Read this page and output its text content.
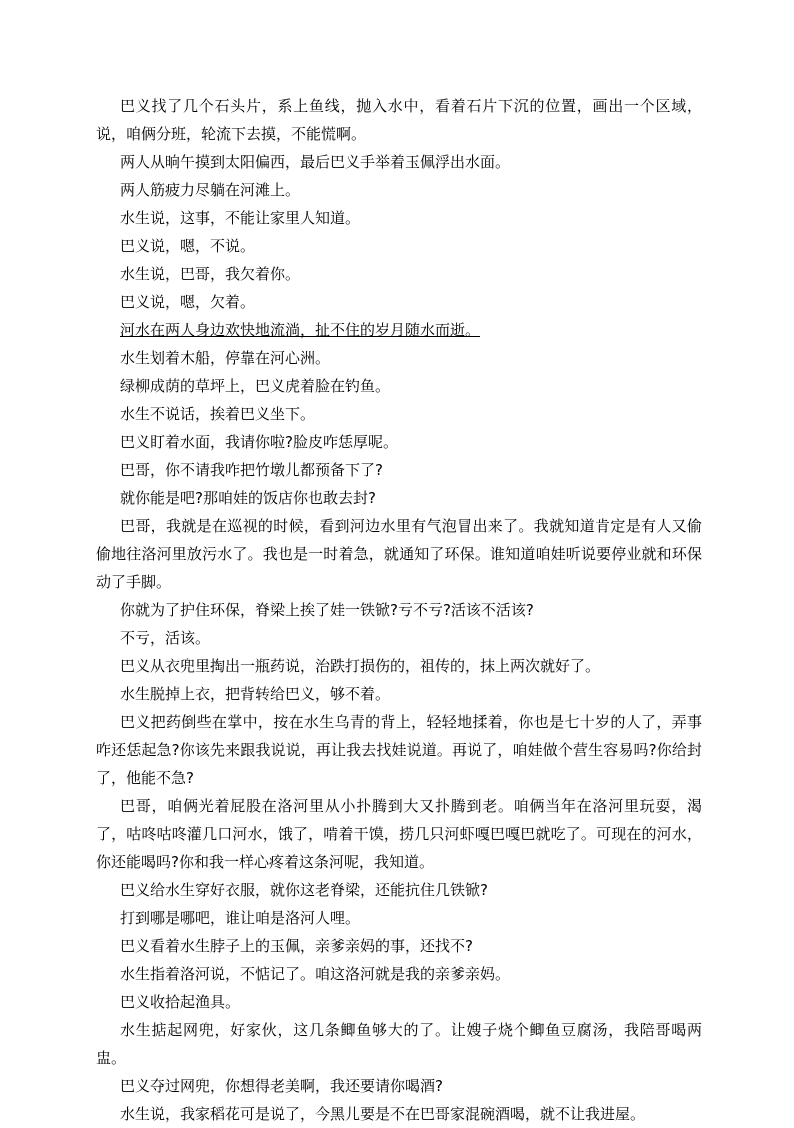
巴义找了几个石头片，系上鱼线，抛入水中，看着石片下沉的位置，画出一个区域，说，咱俩分班，轮流下去摸，不能慌啊。

两人从晌午摸到太阳偏西，最后巴义手举着玉佩浮出水面。

两人筋疲力尽躺在河滩上。

水生说，这事，不能让家里人知道。

巴义说，嗯，不说。

水生说，巴哥，我欠着你。

巴义说，嗯，欠着。

河水在两人身边欢快地流淌，扯不住的岁月随水而逝。

水生划着木船，停靠在河心洲。

绿柳成荫的草坪上，巴义虎着脸在钓鱼。

水生不说话，挨着巴义坐下。

巴义盯着水面，我请你啦?脸皮咋恁厚呢。

巴哥，你不请我咋把竹墩儿都预备下了?

就你能是吧?那咱娃的饭店你也敢去封?

巴哥，我就是在巡视的时候，看到河边水里有气泡冒出来了。我就知道肯定是有人又偷偷地往洛河里放污水了。我也是一时着急，就通知了环保。谁知道咱娃听说要停业就和环保动了手脚。

你就为了护住环保，脊梁上挨了娃一铁锨?亏不亏?活该不活该?

不亏，活该。

巴义从衣兜里掏出一瓶药说，治跌打损伤的，祖传的，抹上两次就好了。

水生脱掉上衣，把背转给巴义，够不着。

巴义把药倒些在掌中，按在水生乌青的背上，轻轻地揉着，你也是七十岁的人了，弄事咋还恁起急?你该先来跟我说说，再让我去找娃说道。再说了，咱娃做个营生容易吗?你给封了，他能不急?

巴哥，咱俩光着屁股在洛河里从小扑腾到大又扑腾到老。咱俩当年在洛河里玩耍，渴了，咕咚咕咚灌几口河水，饿了，啃着干馍，捞几只河虾嘎巴嘎巴就吃了。可现在的河水，你还能喝吗?你和我一样心疼着这条河呢，我知道。

巴义给水生穿好衣服，就你这老脊梁，还能抗住几铁锨?

打到哪是哪吧，谁让咱是洛河人哩。

巴义看着水生脖子上的玉佩，亲爹亲妈的事，还找不?

水生指着洛河说，不惦记了。咱这洛河就是我的亲爹亲妈。

巴义收拾起渔具。

水生掂起网兜，好家伙，这几条鲫鱼够大的了。让嫂子烧个鲫鱼豆腐汤，我陪哥喝两盅。

巴义夺过网兜，你想得老美啊，我还要请你喝酒?

水生说，我家稻花可是说了，今黑儿要是不在巴哥家混碗酒喝，就不让我进屋。
